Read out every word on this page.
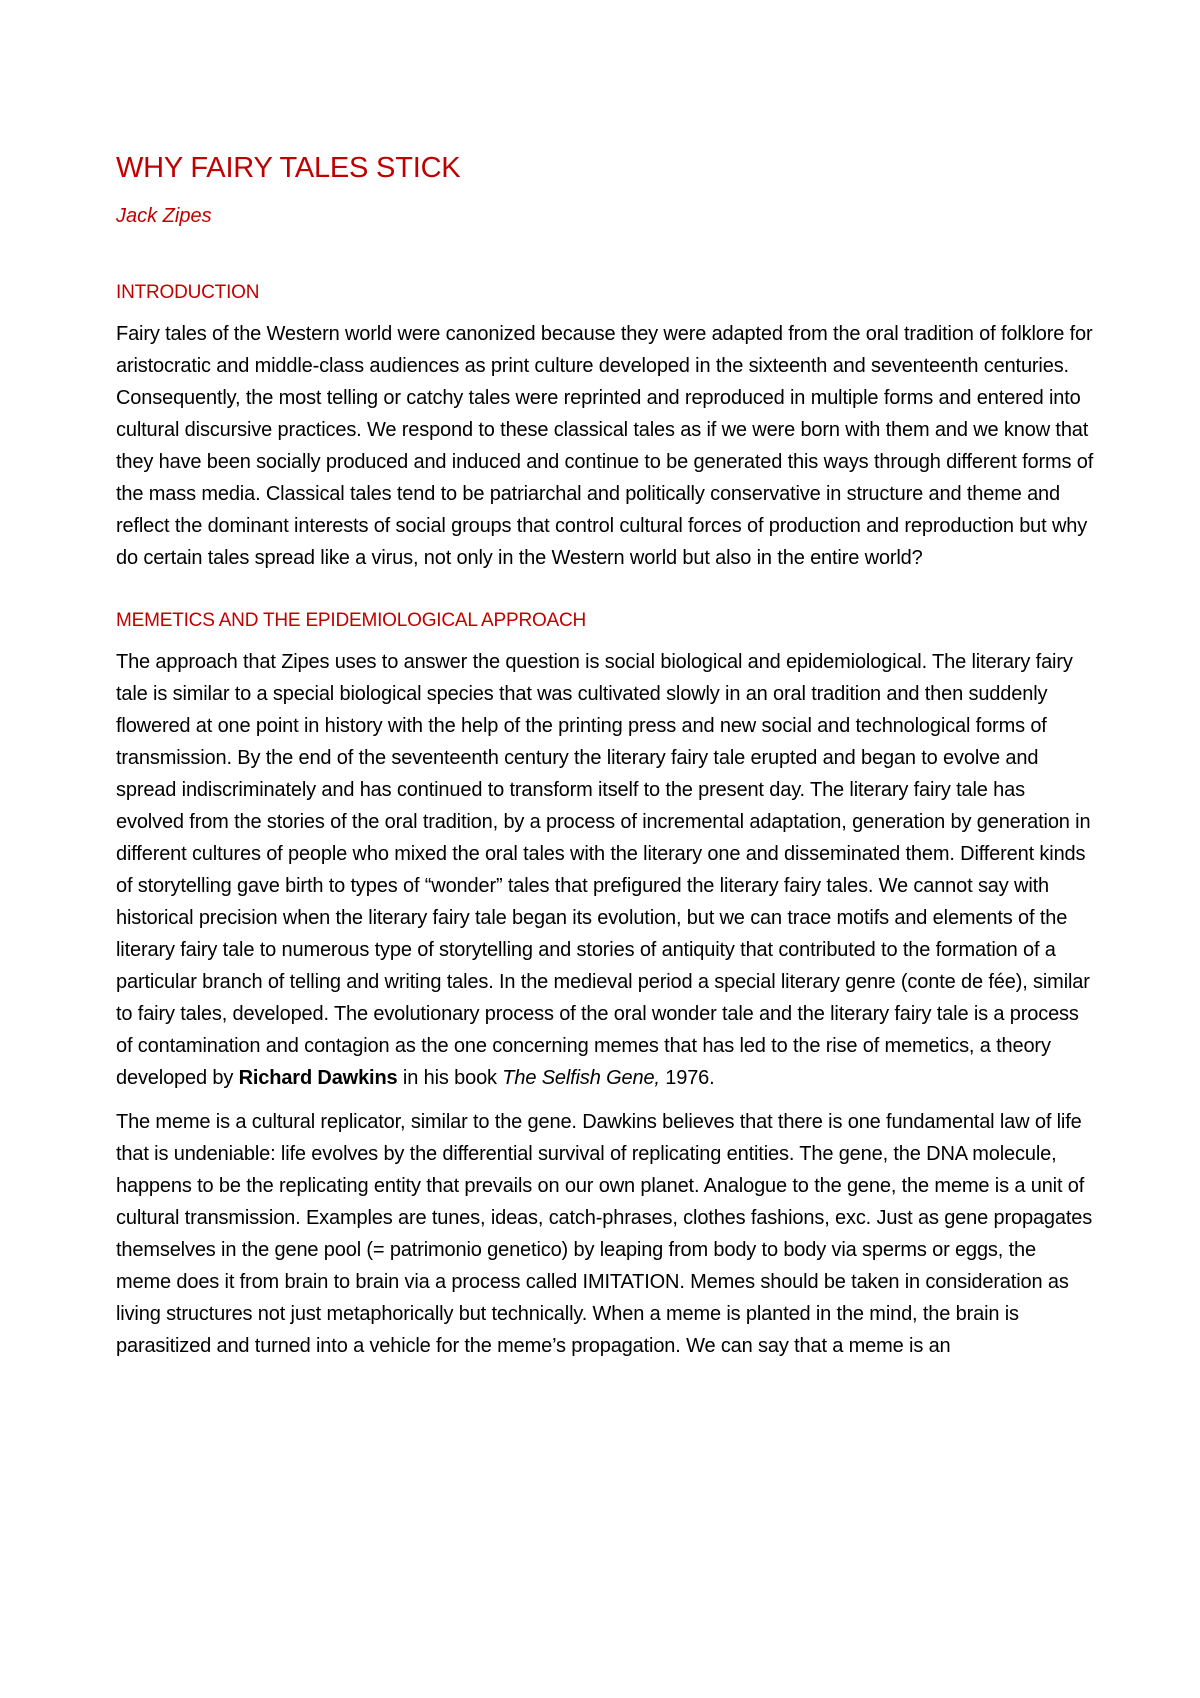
WHY FAIRY TALES STICK
Jack Zipes
INTRODUCTION

Fairy tales of the Western world were canonized because they were adapted from the oral tradition of folklore for aristocratic and middle-class audiences as print culture developed in the sixteenth and seventeenth centuries. Consequently, the most telling or catchy tales were reprinted and reproduced in multiple forms and entered into cultural discursive practices. We respond to these classical tales as if we were born with them and we know that they have been socially produced and induced and continue to be generated this ways through different forms of the mass media. Classical tales tend to be patriarchal and politically conservative in structure and theme and reflect the dominant interests of social groups that control cultural forces of production and reproduction but why do certain tales spread like a virus, not only in the Western world but also in the entire world?

MEMETICS AND THE EPIDEMIOLOGICAL APPROACH

The approach that Zipes uses to answer the question is social biological and epidemiological. The literary fairy tale is similar to a special biological species that was cultivated slowly in an oral tradition and then suddenly flowered at one point in history with the help of the printing press and new social and technological forms of transmission. By the end of the seventeenth century the literary fairy tale erupted and began to evolve and spread indiscriminately and has continued to transform itself to the present day. The literary fairy tale has evolved from the stories of the oral tradition, by a process of incremental adaptation, generation by generation in different cultures of people who mixed the oral tales with the literary one and disseminated them. Different kinds of storytelling gave birth to types of “wonder” tales that prefigured the literary fairy tales. We cannot say with historical precision when the literary fairy tale began its evolution, but we can trace motifs and elements of the literary fairy tale to numerous type of storytelling and stories of antiquity that contributed to the formation of a particular branch of telling and writing tales. In the medieval period a special literary genre (conte de fée), similar to fairy tales, developed. The evolutionary process of the oral wonder tale and the literary fairy tale is a process of contamination and contagion as the one concerning memes that has led to the rise of memetics, a theory developed by Richard Dawkins in his book The Selfish Gene, 1976.

The meme is a cultural replicator, similar to the gene. Dawkins believes that there is one fundamental law of life that is undeniable: life evolves by the differential survival of replicating entities. The gene, the DNA molecule, happens to be the replicating entity that prevails on our own planet. Analogue to the gene, the meme is a unit of cultural transmission. Examples are tunes, ideas, catch-phrases, clothes fashions, exc. Just as gene propagates themselves in the gene pool (= patrimonio genetico) by leaping from body to body via sperms or eggs, the meme does it from brain to brain via a process called IMITATION. Memes should be taken in consideration as living structures not just metaphorically but technically. When a meme is planted in the mind, the brain is parasitized and turned into a vehicle for the meme’s propagation. We can say that a meme is an
